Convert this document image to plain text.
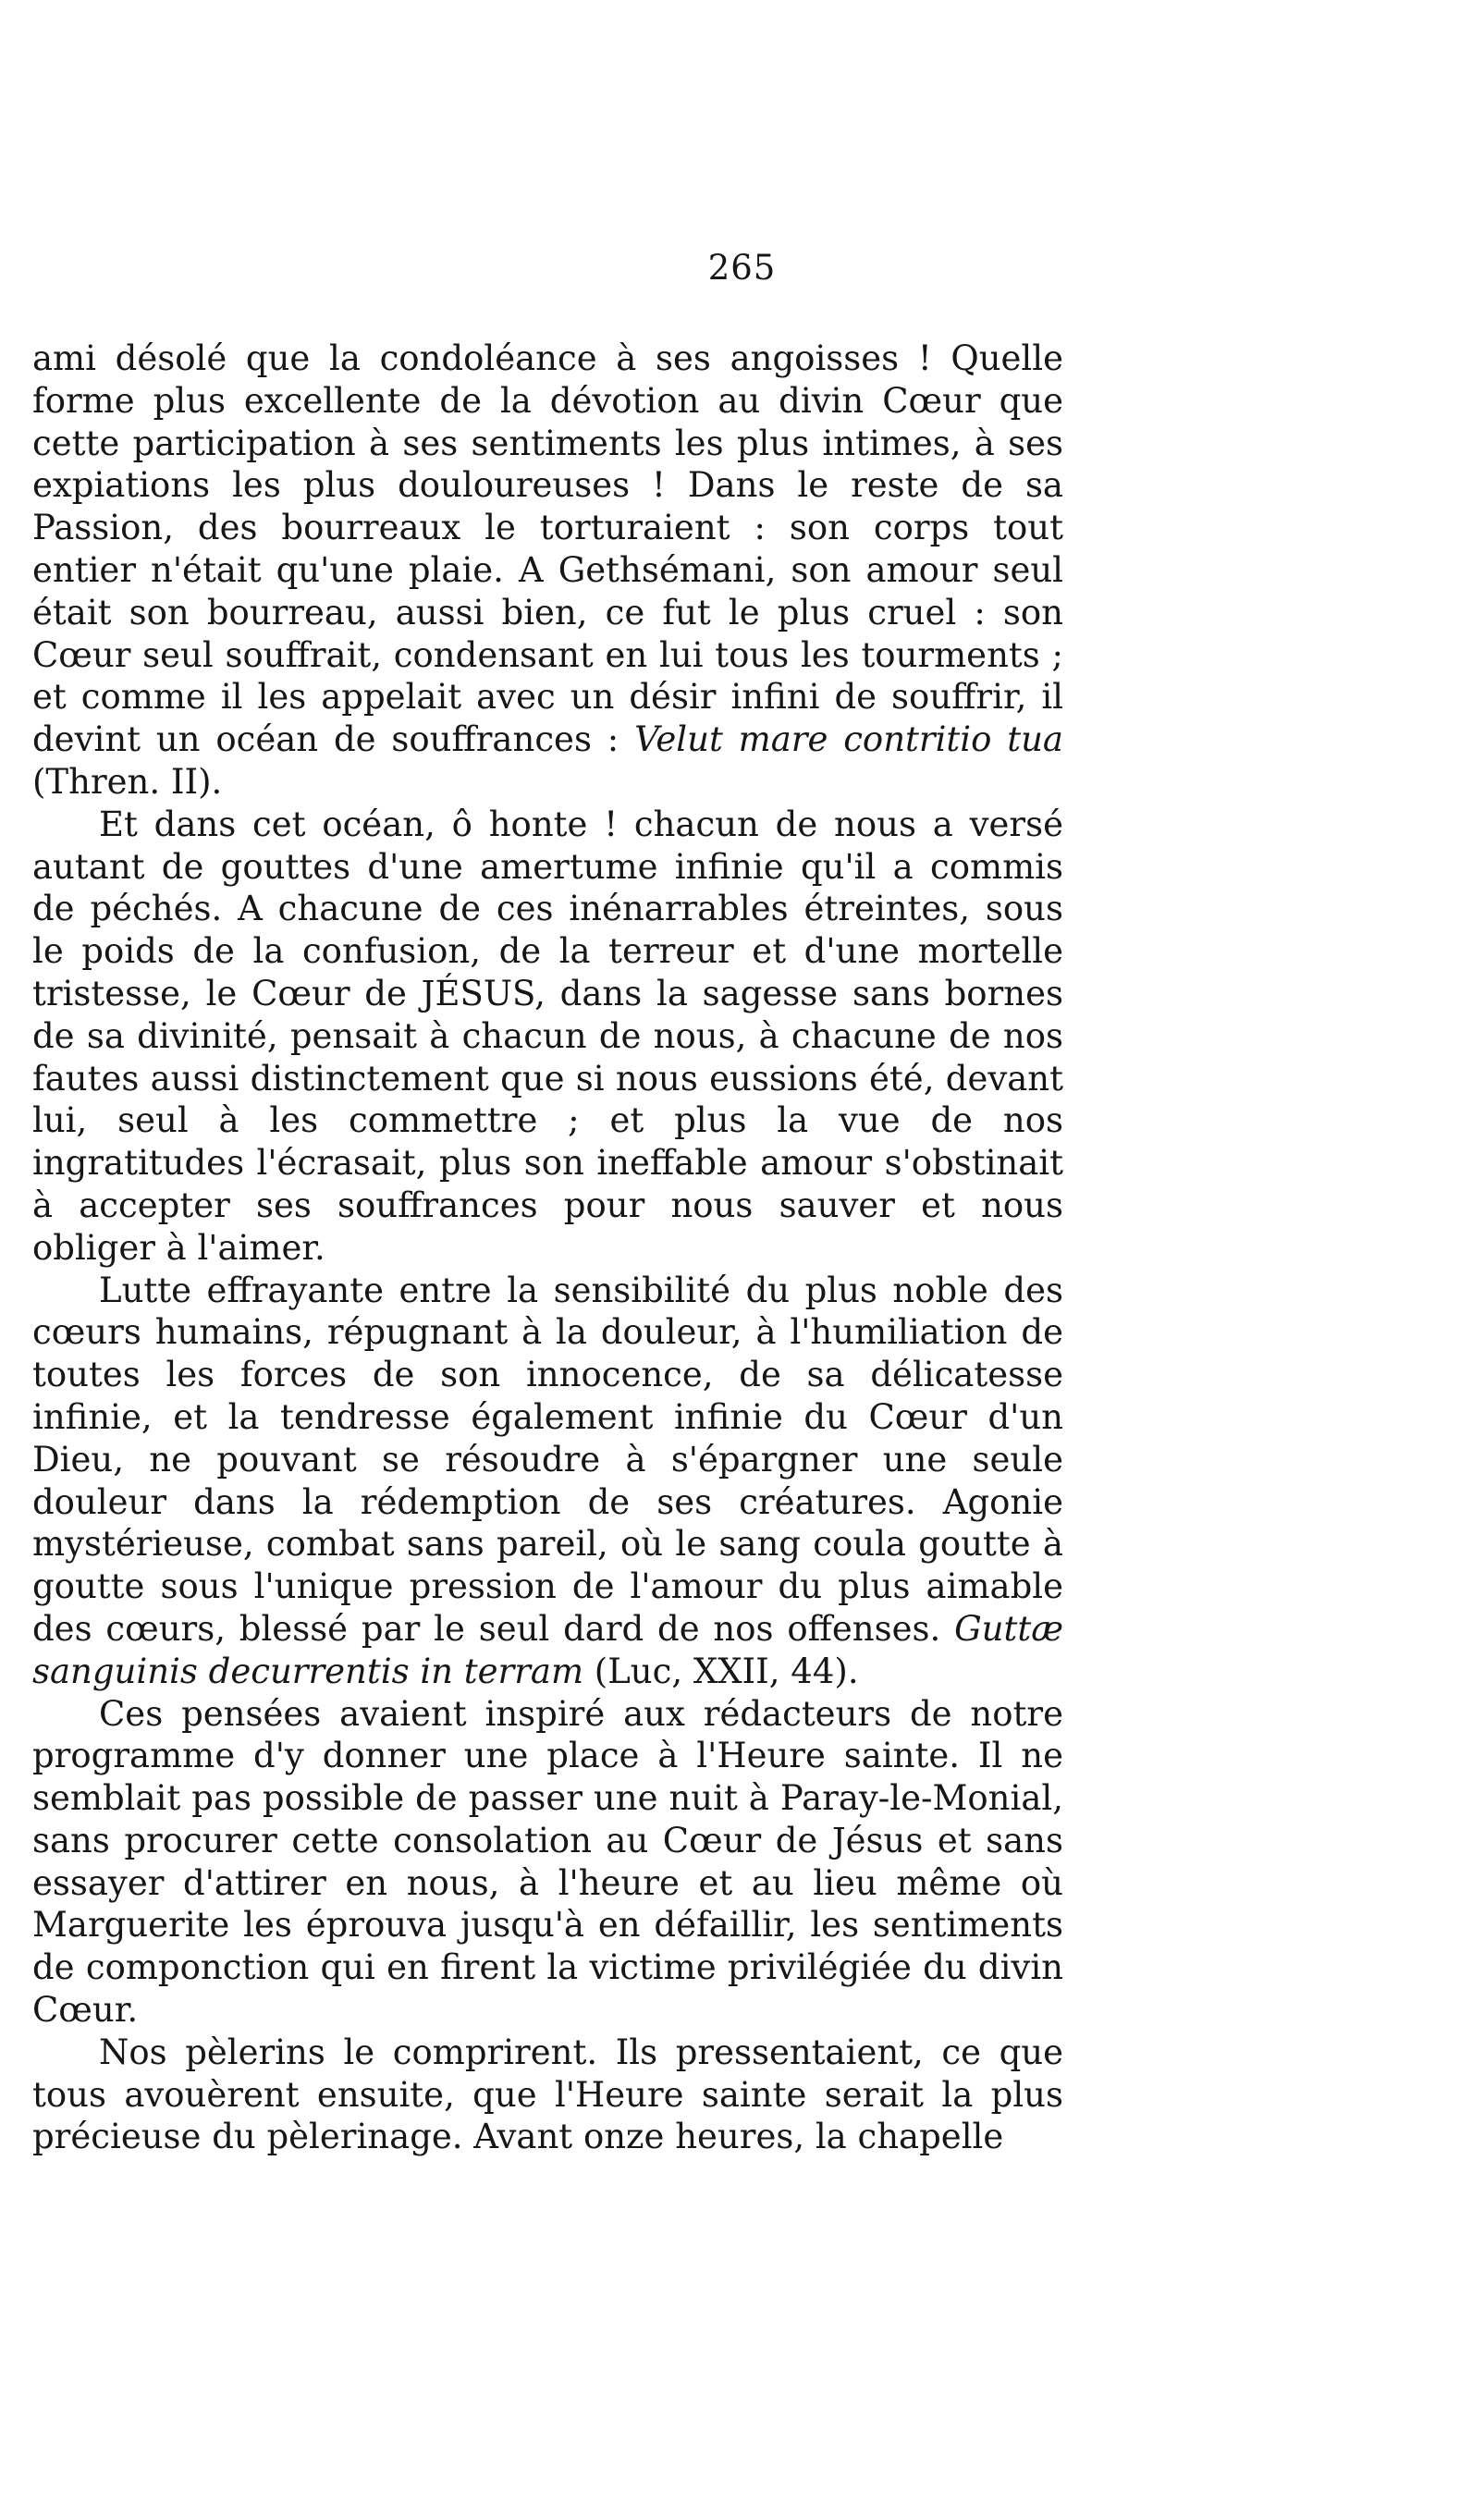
265

ami désolé que la condoléance à ses angoisses ! Quelle forme plus excellente de la dévotion au divin Cœur que cette participation à ses sentiments les plus intimes, à ses expiations les plus douloureuses ! Dans le reste de sa Passion, des bourreaux le torturaient : son corps tout entier n'était qu'une plaie. A Gethsémani, son amour seul était son bourreau, aussi bien, ce fut le plus cruel : son Cœur seul souffrait, condensant en lui tous les tourments ; et comme il les appelait avec un désir infini de souffrir, il devint un océan de souffrances : Velut mare contritio tua (Thren. II).

Et dans cet océan, ô honte ! chacun de nous a versé autant de gouttes d'une amertume infinie qu'il a commis de péchés. A chacune de ces inénarrables étreintes, sous le poids de la confusion, de la terreur et d'une mortelle tristesse, le Cœur de JÉSUS, dans la sagesse sans bornes de sa divinité, pensait à chacun de nous, à chacune de nos fautes aussi distinctement que si nous eussions été, devant lui, seul à les commettre ; et plus la vue de nos ingratitudes l'écrasait, plus son ineffable amour s'obstinait à accepter ses souffrances pour nous sauver et nous obliger à l'aimer.

Lutte effrayante entre la sensibilité du plus noble des cœurs humains, répugnant à la douleur, à l'humiliation de toutes les forces de son innocence, de sa délicatesse infinie, et la tendresse également infinie du Cœur d'un Dieu, ne pouvant se résoudre à s'épargner une seule douleur dans la rédemption de ses créatures. Agonie mystérieuse, combat sans pareil, où le sang coula goutte à goutte sous l'unique pression de l'amour du plus aimable des cœurs, blessé par le seul dard de nos offenses. Guttæ sanguinis decurrentis in terram (Luc, XXII, 44).

Ces pensées avaient inspiré aux rédacteurs de notre programme d'y donner une place à l'Heure sainte. Il ne semblait pas possible de passer une nuit à Paray-le-Monial, sans procurer cette consolation au Cœur de Jésus et sans essayer d'attirer en nous, à l'heure et au lieu même où Marguerite les éprouva jusqu'à en défaillir, les sentiments de componction qui en firent la victime privilégiée du divin Cœur.

Nos pèlerins le comprirent. Ils pressentaient, ce que tous avouèrent ensuite, que l'Heure sainte serait la plus précieuse du pèlerinage. Avant onze heures, la chapelle
